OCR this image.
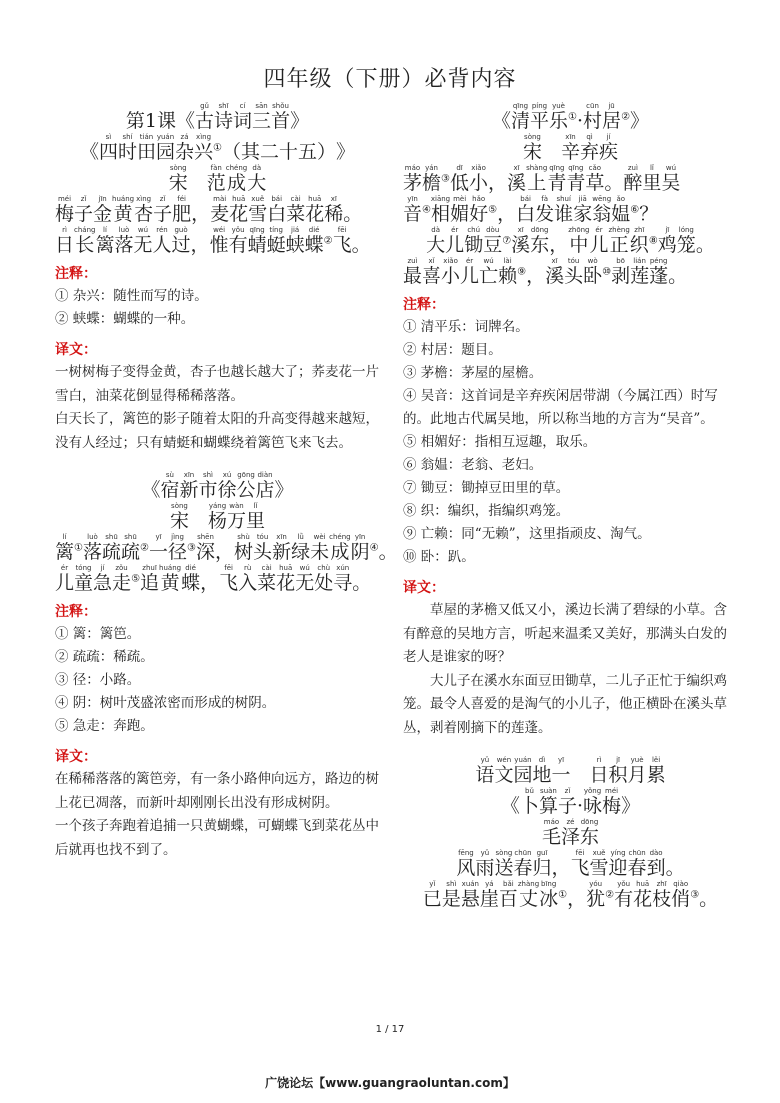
四年级（下册）必背内容
第1课 《 古gǔ诗shī词cí三sān首shǒu》
《 四sì时shí田tián园yuán杂zá兴xìng①（其二十五） 》
宋sòng　 范fàn成chéng大dà
梅méi子zǐ金jīn黄huáng杏xìng子zǐ肥féi， 麦mài花huā雪xuě白bái菜cài花huā稀xī。
日rì长cháng篱lí落luò无wú人rén过guò， 惟wéi有yǒu蜻qīng蜓tíng蛱jiá蝶dié②飞fēi。
注释：
① 杂兴：随性而写的诗。
② 蛱蝶：蝴蝶的一种。
译文：
一树树梅子变得金黄，杏子也越长越大了；荞麦花一片雪白，油菜花倒显得稀稀落落。
白天长了，篱笆的影子随着太阳的升高变得越来越短，没有人经过；只有蜻蜓和蝴蝶绕着篱笆飞来飞去。
《 宿sù新xīn市shì徐xú公gōng店diàn》
宋sòng　 杨yáng万wàn里lǐ
篱lí①落luò疏shū疏shū②一yī径jìng③深shēn， 树shù头tóu新xīn绿lǜ未wèi成chéng阴yīn④。
儿ér童tóng急jí走zǒu⑤追zhuī黄huáng蝶dié， 飞fēi入rù菜cài花huā无wú处chù寻xún。
注释：
① 篱：篱笆。
② 疏疏：稀疏。
③ 径：小路。
④ 阴：树叶茂盛浓密而形成的树阴。
⑤ 急走：奔跑。
译文：
在稀稀落落的篱笆旁，有一条小路伸向远方，路边的树上花已凋落，而新叶却刚刚长出没有形成树阴。
一个孩子奔跑着追捕一只黄蝴蝶，可蝴蝶飞到菜花丛中后就再也找不到了。
《 清qīng平píng乐yuè①· 村cūn居jū②》
宋sòng　 辛xīn弃qì疾jí
茅máo檐yán③低dī小xiǎo， 溪xī上shàng青qīng青qīng草cǎo。 醉zuì里lǐ吴wú
音yīn④相xiāng媚mèi好hǎo⑤， 白bái发fà谁shuí家jiā翁wēng媪ǎo⑥？
大dà儿ér锄chú豆dòu⑦溪xī东dōng， 中zhōng儿ér正zhèng织zhī⑧鸡jī笼lóng。
最zuì喜xǐ小xiǎo儿ér亡wú赖lài⑨， 溪xī头tóu卧wò⑩剥bō莲lián蓬péng。
注释：
① 清平乐：词牌名。
② 村居：题目。
③ 茅檐：茅屋的屋檐。
④ 吴音：这首词是辛弃疾闲居带湖（今属江西）时写的。此地古代属吴地，所以称当地的方言为“吴音”。
⑤ 相媚好：指相互逗趣，取乐。
⑥ 翁媪：老翁、老妇。
⑦ 锄豆：锄掉豆田里的草。
⑧ 织：编织，指编织鸡笼。
⑨ 亡赖：同“无赖”，这里指顽皮、淘气。
⑩ 卧：趴。
译文：
草屋的茅檐又低又小，溪边长满了碧绿的小草。含有醉意的吴地方言，听起来温柔又美好，那满头白发的老人是谁家的呀？
大儿子在溪水东面豆田锄草，二儿子正忙于编织鸡笼。最令人喜爱的是淘气的小儿子，他正横卧在溪头草丛，剥着刚摘下的莲蓬。
语yǔ文wén园yuán地dì一yī　 日rì积jī月yuè累lěi
《 卜bǔ算suàn子zǐ· 咏yǒng梅méi》
毛máo泽zé东dōng
风fēng雨yǔ送sòng春chūn归guī， 飞fēi雪xuě迎yíng春chūn到dào。
已yǐ是shì悬xuán崖yá百bǎi丈zhàng冰bīng①， 犹yóu②有yǒu花huā枝zhī俏qiào③。
1 / 17
广饶论坛【www.guangraoluntan.com】
